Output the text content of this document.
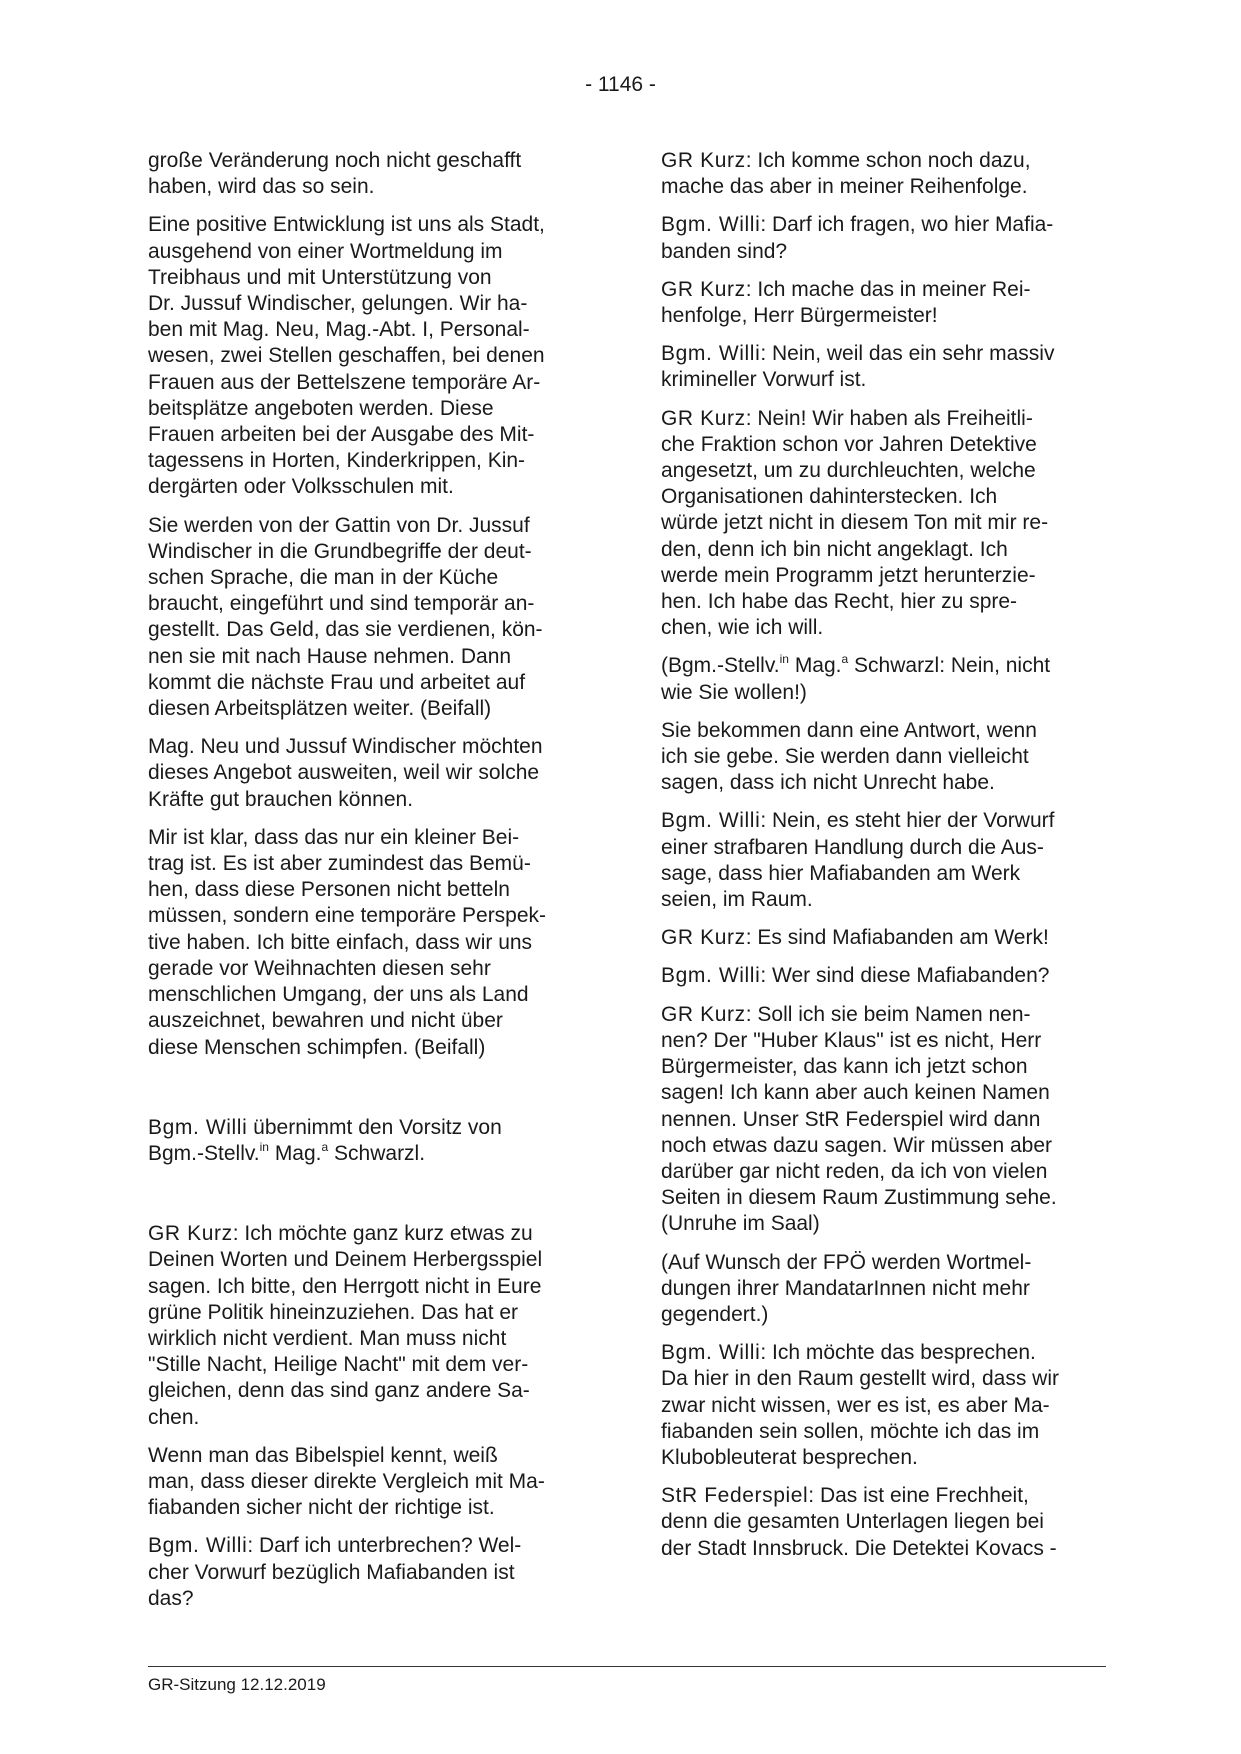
- 1146 -

große Veränderung noch nicht geschafft
haben, wird das so sein.

Eine positive Entwicklung ist uns als Stadt,
ausgehend von einer Wortmeldung im
Treibhaus und mit Unterstützung von
Dr. Jussuf Windischer, gelungen. Wir ha-
ben mit Mag. Neu, Mag.-Abt. I, Personal-
wesen, zwei Stellen geschaffen, bei denen
Frauen aus der Bettelszene temporäre Ar-
beitsplätze angeboten werden. Diese
Frauen arbeiten bei der Ausgabe des Mit-
tagessens in Horten, Kinderkrippen, Kin-
dergärten oder Volksschulen mit.

Sie werden von der Gattin von Dr. Jussuf
Windischer in die Grundbegriffe der deut-
schen Sprache, die man in der Küche
braucht, eingeführt und sind temporär an-
gestellt. Das Geld, das sie verdienen, kön-
nen sie mit nach Hause nehmen. Dann
kommt die nächste Frau und arbeitet auf
diesen Arbeitsplätzen weiter. (Beifall)

Mag. Neu und Jussuf Windischer möchten
dieses Angebot ausweiten, weil wir solche
Kräfte gut brauchen können.

Mir ist klar, dass das nur ein kleiner Bei-
trag ist. Es ist aber zumindest das Bemü-
hen, dass diese Personen nicht betteln
müssen, sondern eine temporäre Perspek-
tive haben. Ich bitte einfach, dass wir uns
gerade vor Weihnachten diesen sehr
menschlichen Umgang, der uns als Land
auszeichnet, bewahren und nicht über
diese Menschen schimpfen. (Beifall)

Bgm. Willi übernimmt den Vorsitz von
Bgm.-Stellv.$^{in}$ Mag.$^a$ Schwarzl.

GR Kurz: Ich möchte ganz kurz etwas zu
Deinen Worten und Deinem Herbergsspiel
sagen. Ich bitte, den Herrgott nicht in Eure
grüne Politik hineinzuziehen. Das hat er
wirklich nicht verdient. Man muss nicht
"Stille Nacht, Heilige Nacht" mit dem ver-
gleichen, denn das sind ganz andere Sa-
chen.

Wenn man das Bibelspiel kennt, weiß
man, dass dieser direkte Vergleich mit Ma-
fiabanden sicher nicht der richtige ist.

Bgm. Willi: Darf ich unterbrechen? Wel-
cher Vorwurf bezüglich Mafiabanden ist
das?

GR Kurz: Ich komme schon noch dazu,
mache das aber in meiner Reihenfolge.

Bgm. Willi: Darf ich fragen, wo hier Mafia-
banden sind?

GR Kurz: Ich mache das in meiner Rei-
henfolge, Herr Bürgermeister!

Bgm. Willi: Nein, weil das ein sehr massiv
krimineller Vorwurf ist.

GR Kurz: Nein! Wir haben als Freiheitli-
che Fraktion schon vor Jahren Detektive
angesetzt, um zu durchleuchten, welche
Organisationen dahinterstecken. Ich
würde jetzt nicht in diesem Ton mit mir re-
den, denn ich bin nicht angeklagt. Ich
werde mein Programm jetzt herunterzie-
hen. Ich habe das Recht, hier zu spre-
chen, wie ich will.

(Bgm.-Stellv.$^{in}$ Mag.$^a$ Schwarzl: Nein, nicht
wie Sie wollen!)

Sie bekommen dann eine Antwort, wenn
ich sie gebe. Sie werden dann vielleicht
sagen, dass ich nicht Unrecht habe.

Bgm. Willi: Nein, es steht hier der Vorwurf
einer strafbaren Handlung durch die Aus-
sage, dass hier Mafiabanden am Werk
seien, im Raum.

GR Kurz: Es sind Mafiabanden am Werk!

Bgm. Willi: Wer sind diese Mafiabanden?

GR Kurz: Soll ich sie beim Namen nen-
nen? Der "Huber Klaus" ist es nicht, Herr
Bürgermeister, das kann ich jetzt schon
sagen! Ich kann aber auch keinen Namen
nennen. Unser StR Federspiel wird dann
noch etwas dazu sagen. Wir müssen aber
darüber gar nicht reden, da ich von vielen
Seiten in diesem Raum Zustimmung sehe.
(Unruhe im Saal)

(Auf Wunsch der FPÖ werden Wortmel-
dungen ihrer MandatarInnen nicht mehr
gegendert.)

Bgm. Willi: Ich möchte das besprechen.
Da hier in den Raum gestellt wird, dass wir
zwar nicht wissen, wer es ist, es aber Ma-
fiabanden sein sollen, möchte ich das im
Klubobleuterat besprechen.

StR Federspiel: Das ist eine Frechheit,
denn die gesamten Unterlagen liegen bei
der Stadt Innsbruck. Die Detektei Kovacs -

GR-Sitzung 12.12.2019
